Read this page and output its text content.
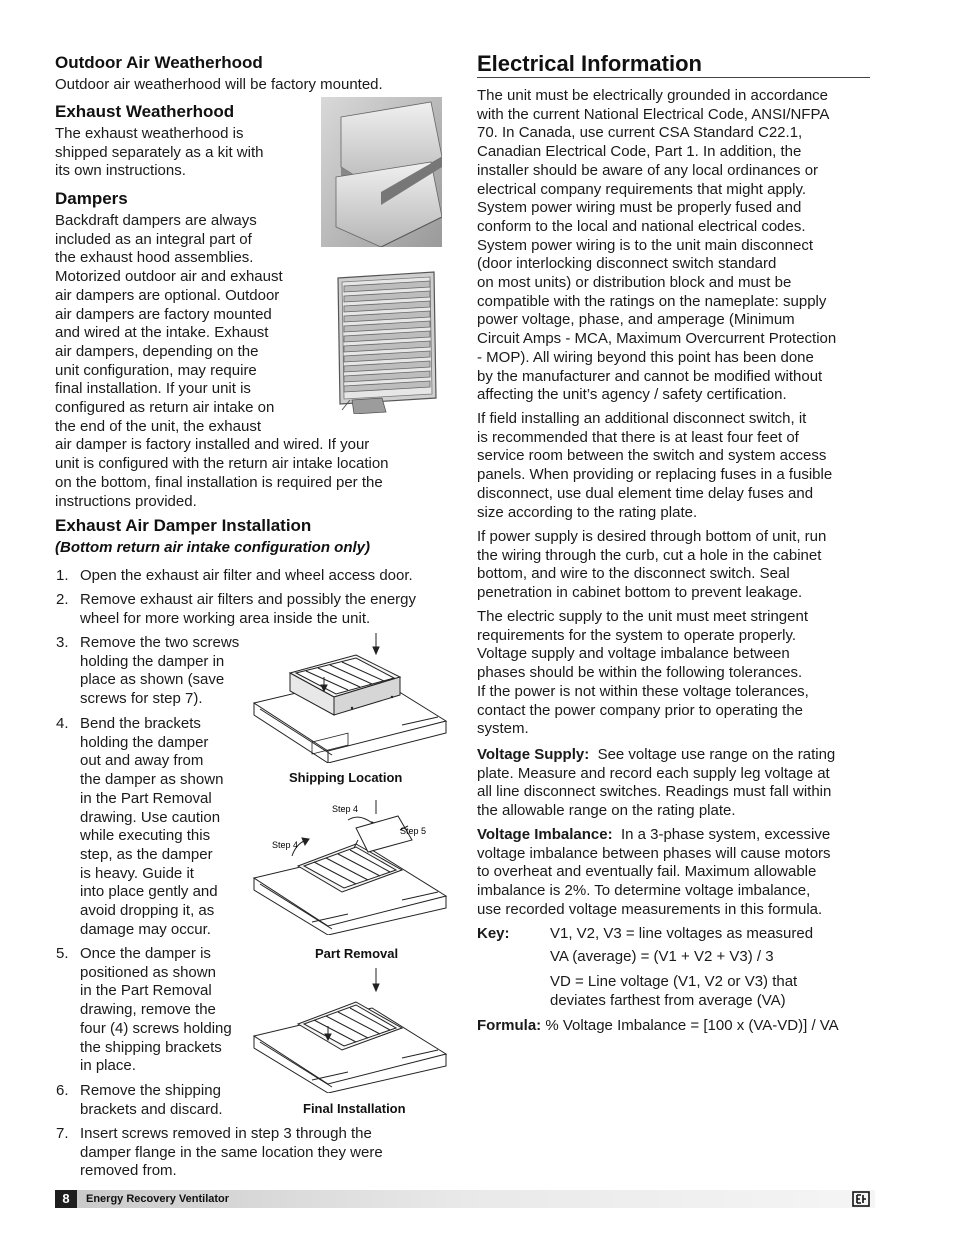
Outdoor Air Weatherhood

Outdoor air weatherhood will be factory mounted.

Exhaust Weatherhood
The exhaust weatherhood is
shipped separately as a kit with
its own instructions.
Dampers
Backdraft dampers are always
included as an integral part of
the exhaust hood assemblies.
Motorized outdoor air and exhaust
air dampers are optional. Outdoor
air dampers are factory mounted
and wired at the intake. Exhaust
air dampers, depending on the
unit configuration, may require
final installation. If your unit is
configured as return air intake on
the end of the unit, the exhaust
air damper is factory installed and wired. If your
unit is configured with the return air intake location
on the bottom, final installation is required per the
instructions provided.
Exhaust Air Damper Installation
(Bottom return air intake configuration only)
1. Open the exhaust air filter and wheel access door.
2. Remove exhaust air filters and possibly the energy
wheel for more working area inside the unit.
3. Remove the two screws
holding the damper in
place as shown (save
screws for step 7).
4. Bend the brackets
holding the damper
out and away from
the damper as shown
in the Part Removal
drawing. Use caution
while executing this
step, as the damper
is heavy. Guide it
into place gently and
avoid dropping it, as
damage may occur.
5. Once the damper is
positioned as shown
in the Part Removal
drawing, remove the
four (4) screws holding
the shipping brackets
in place.
6. Remove the shipping
brackets and discard.
7. Insert screws removed in step 3 through the
damper flange in the same location they were
removed from.
Shipping Location
Step 4
Step 5
Step 4
Part Removal
Final Installation
Electrical Information
The unit must be electrically grounded in accordance
with the current National Electrical Code, ANSI/NFPA
70. In Canada, use current CSA Standard C22.1,
Canadian Electrical Code, Part 1. In addition, the
installer should be aware of any local ordinances or
electrical company requirements that might apply.
System power wiring must be properly fused and
conform to the local and national electrical codes.
System power wiring is to the unit main disconnect
(door interlocking disconnect switch standard
on most units) or distribution block and must be
compatible with the ratings on the nameplate: supply
power voltage, phase, and amperage (Minimum
Circuit Amps - MCA, Maximum Overcurrent Protection
- MOP). All wiring beyond this point has been done
by the manufacturer and cannot be modified without
affecting the unit’s agency / safety certification.
If field installing an additional disconnect switch, it
is recommended that there is at least four feet of
service room between the switch and system access
panels. When providing or replacing fuses in a fusible
disconnect, use dual element time delay fuses and
size according to the rating plate.
If power supply is desired through bottom of unit, run
the wiring through the curb, cut a hole in the cabinet
bottom, and wire to the disconnect switch. Seal
penetration in cabinet bottom to prevent leakage.
The electric supply to the unit must meet stringent
requirements for the system to operate properly.
Voltage supply and voltage imbalance between
phases should be within the following tolerances.
If the power is not within these voltage tolerances,
contact the power company prior to operating the
system.
Voltage Supply: See voltage use range on the rating
plate. Measure and record each supply leg voltage at
all line disconnect switches. Readings must fall within
the allowable range on the rating plate.
Voltage Imbalance: In a 3-phase system, excessive
voltage imbalance between phases will cause motors
to overheat and eventually fail. Maximum allowable
imbalance is 2%. To determine voltage imbalance,
use recorded voltage measurements in this formula.
Key:	V1, V2, V3 = line voltages as measured
VA (average) = (V1 + V2 + V3) / 3
VD = Line voltage (V1, V2 or V3) that
deviates farthest from average (VA)
Formula: % Voltage Imbalance = [100 x (VA-VD)] / VA
8	Energy Recovery Ventilator
